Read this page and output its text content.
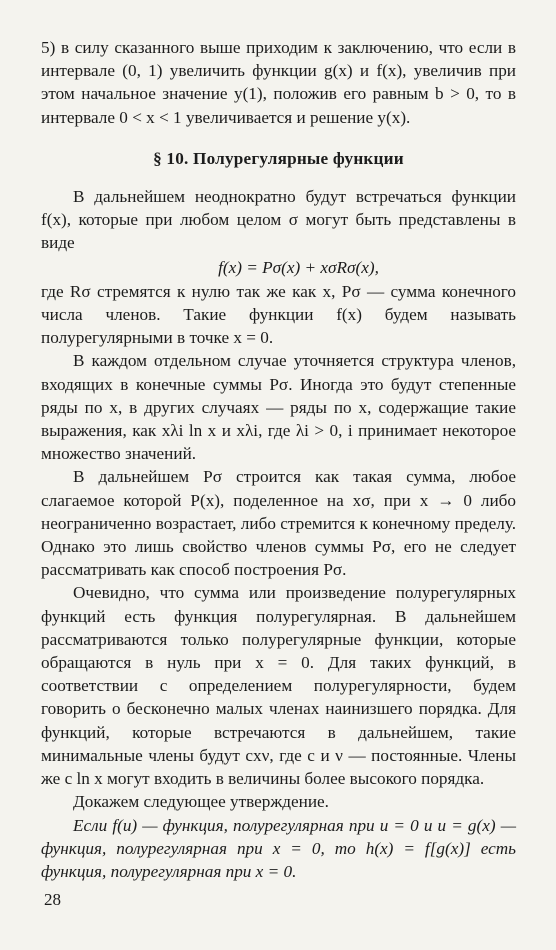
5) в силу сказанного выше приходим к заключению, что если в интервале (0, 1) увеличить функции g(x) и f(x), увеличив при этом начальное значение y(1), положив его равным b > 0, то в интервале 0 < x < 1 увеличивается и решение y(x).

§ 10. Полурегулярные функции

В дальнейшем неоднократно будут встречаться функции f(x), которые при любом целом σ могут быть представлены в виде

f(x) = Pσ(x) + xσRσ(x),

где Rσ стремятся к нулю так же как x, Pσ — сумма конечного числа членов. Такие функции f(x) будем называть полурегулярными в точке x = 0.

В каждом отдельном случае уточняется структура членов, входящих в конечные суммы Pσ. Иногда это будут степенные ряды по x, в других случаях — ряды по x, содержащие такие выражения, как xλi ln x и xλi, где λi > 0, i принимает некоторое множество значений.

В дальнейшем Pσ строится как такая сумма, любое слагаемое которой P(x), поделенное на xσ, при x → 0 либо неограниченно возрастает, либо стремится к конечному пределу. Однако это лишь свойство членов суммы Pσ, его не следует рассматривать как способ построения Pσ.

Очевидно, что сумма или произведение полурегулярных функций есть функция полурегулярная. В дальнейшем рассматриваются только полурегулярные функции, которые обращаются в нуль при x = 0. Для таких функций, в соответствии с определением полурегулярности, будем говорить о бесконечно малых членах наинизшего порядка. Для функций, которые встречаются в дальнейшем, такие минимальные члены будут cxν, где c и ν — постоянные. Члены же с ln x могут входить в величины более высокого порядка.

Докажем следующее утверждение.

Если f(u) — функция, полурегулярная при u = 0 и u = g(x) — функция, полурегулярная при x = 0, то h(x) = f[g(x)] есть функция, полурегулярная при x = 0.

28
